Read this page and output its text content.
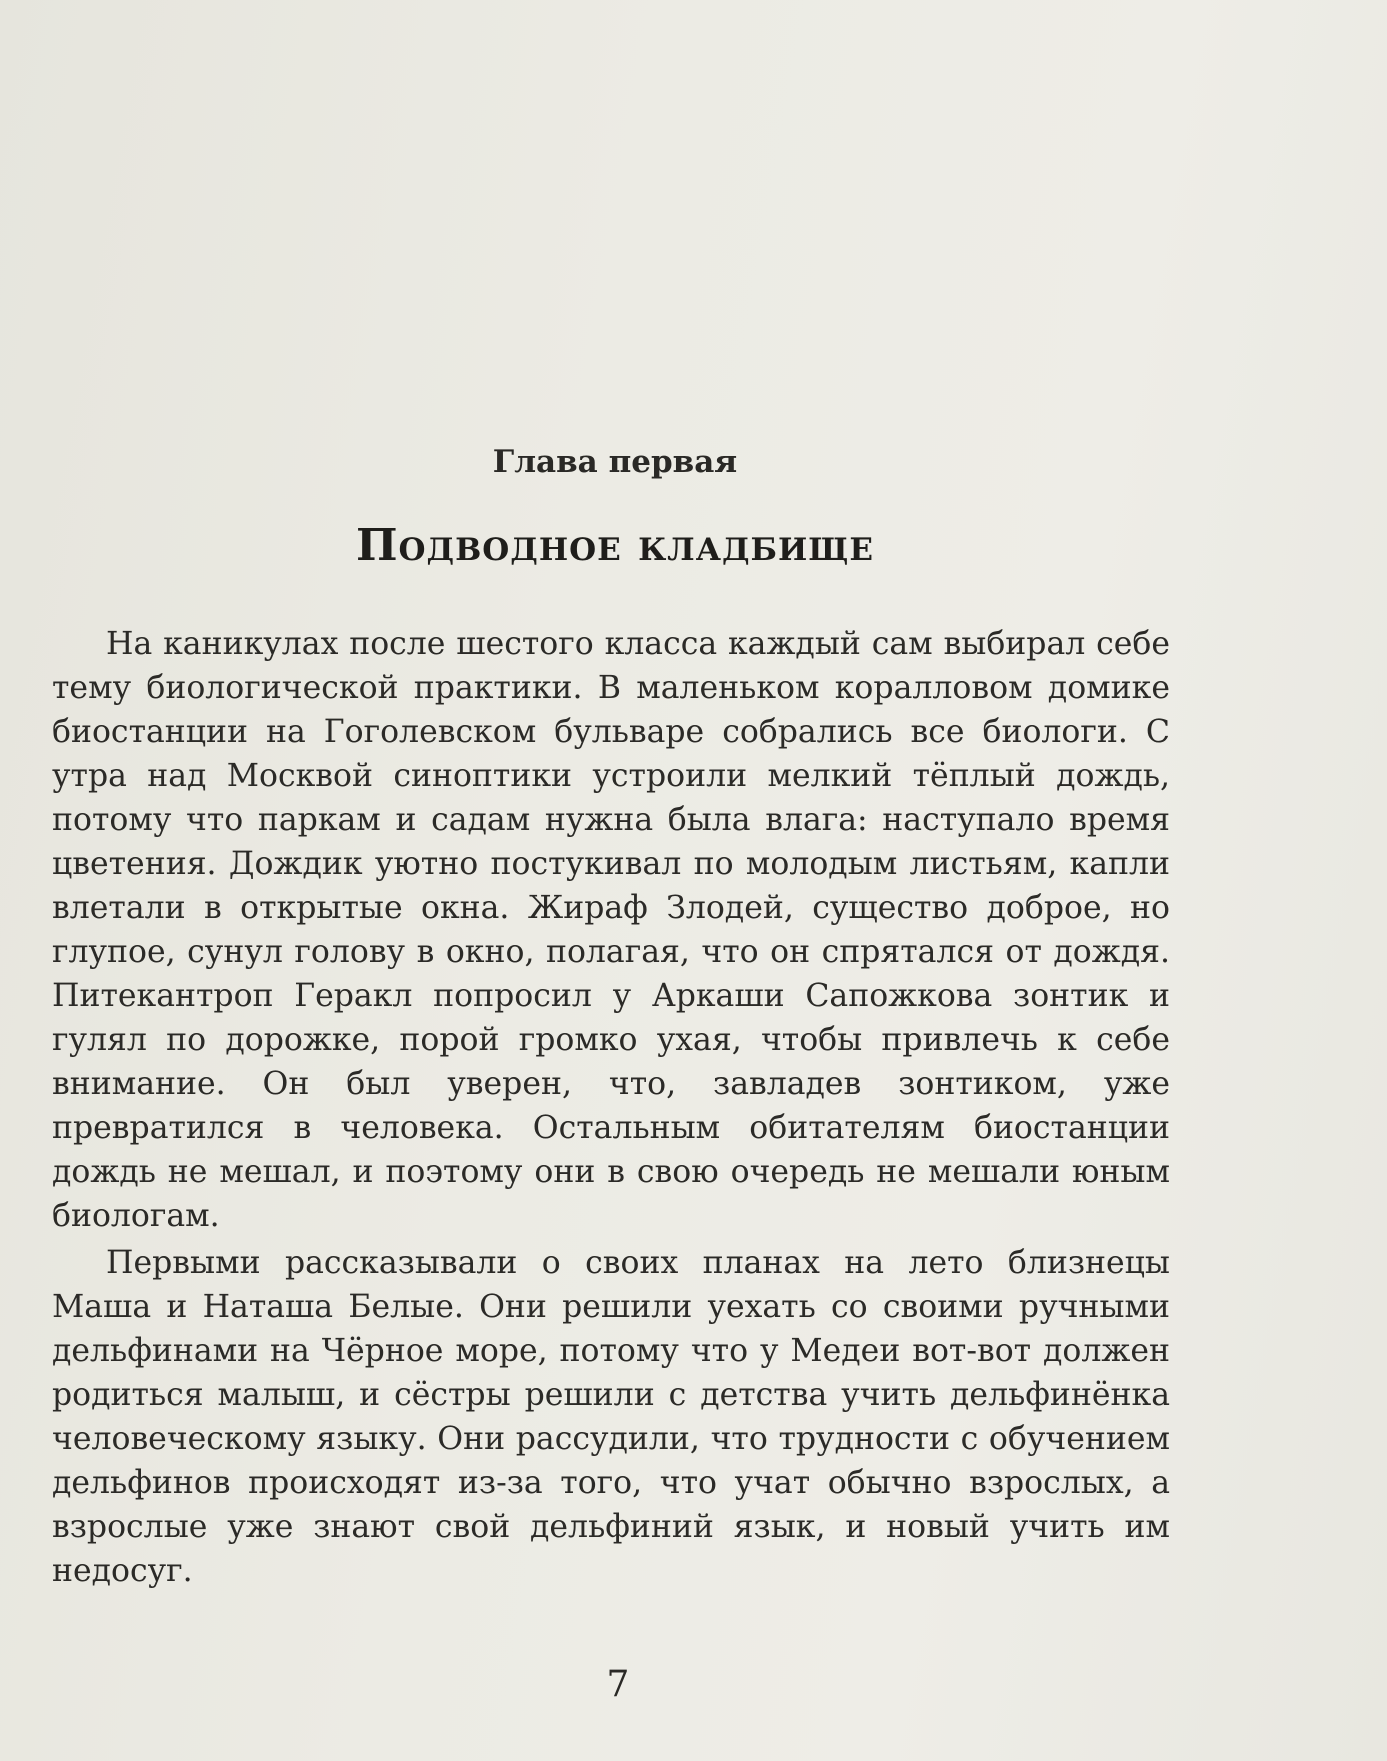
Глава первая
Подводное кладбище

На каникулах после шестого класса каждый сам выбирал себе тему биологической практики. В маленьком коралловом домике биостанции на Гоголевском бульваре собрались все биологи. С утра над Москвой синоптики устроили мелкий тёплый дождь, потому что паркам и садам нужна была влага: наступало время цветения. Дождик уютно постукивал по молодым листьям, капли влетали в открытые окна. Жираф Злодей, существо доброе, но глупое, сунул голову в окно, полагая, что он спрятался от дождя. Питекантроп Геракл попросил у Аркаши Сапожкова зонтик и гулял по дорожке, порой громко ухая, чтобы привлечь к себе внимание. Он был уверен, что, завладев зонтиком, уже превратился в человека. Остальным обитателям биостанции дождь не мешал, и поэтому они в свою очередь не мешали юным биологам.

Первыми рассказывали о своих планах на лето близнецы Маша и Наташа Белые. Они решили уехать со своими ручными дельфинами на Чёрное море, потому что у Медеи вот-вот должен родиться малыш, и сёстры решили с детства учить дельфинёнка человеческому языку. Они рассудили, что трудности с обучением дельфинов происходят из-за того, что учат обычно взрослых, а взрослые уже знают свой дельфиний язык, и новый учить им недосуг.

7
